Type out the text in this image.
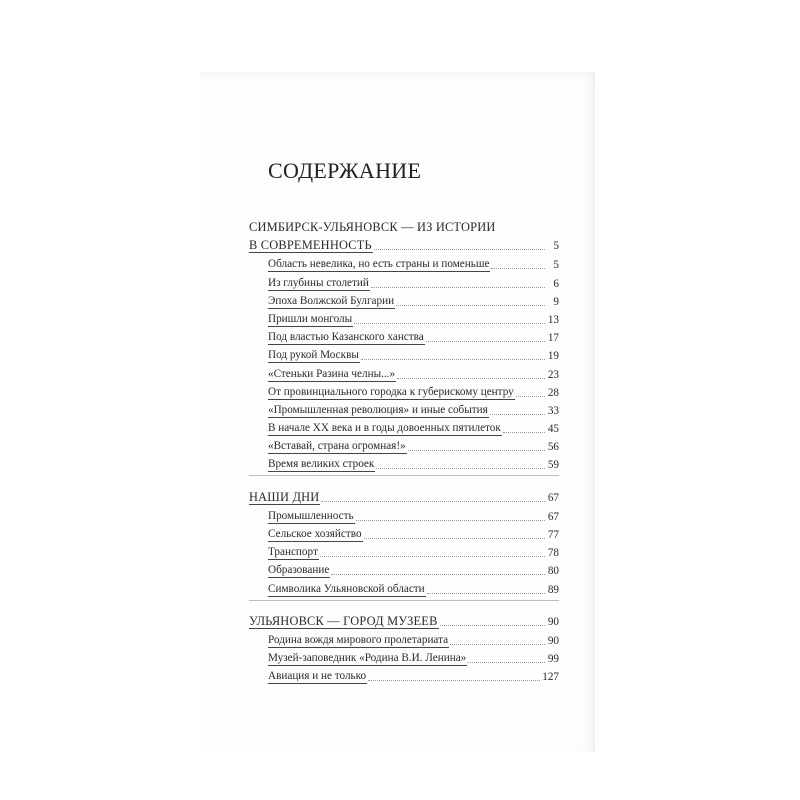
СОДЕРЖАНИЕ
СИМБИРСК-УЛЬЯНОВСК — ИЗ ИСТОРИИ
В СОВРЕМЕННОСТЬ	5
Область невелика, но есть страны и поменьше	5
Из глубины столетий	6
Эпоха Волжской Булгарии	9
Пришли монголы	13
Под властью Казанского ханства	17
Под рукой Москвы	19
«Стеньки Разина челны...»	23
От провинциального городка к губерискому центру	28
«Промышленная революция» и иные события	33
В начале XX века и в годы довоенных пятилеток	45
«Вставай, страна огромная!»	56
Время великих строек	59
НАШИ ДНИ	67
Промышленность	67
Сельское хозяйство	77
Транспорт	78
Образование	80
Символика Ульяновской области	89
УЛЬЯНОВСК — ГОРОД МУЗЕЕВ	90
Родина вождя мирового пролетариата	90
Музей-заповедник «Родина В.И. Ленина»	99
Авиация и не только	127
